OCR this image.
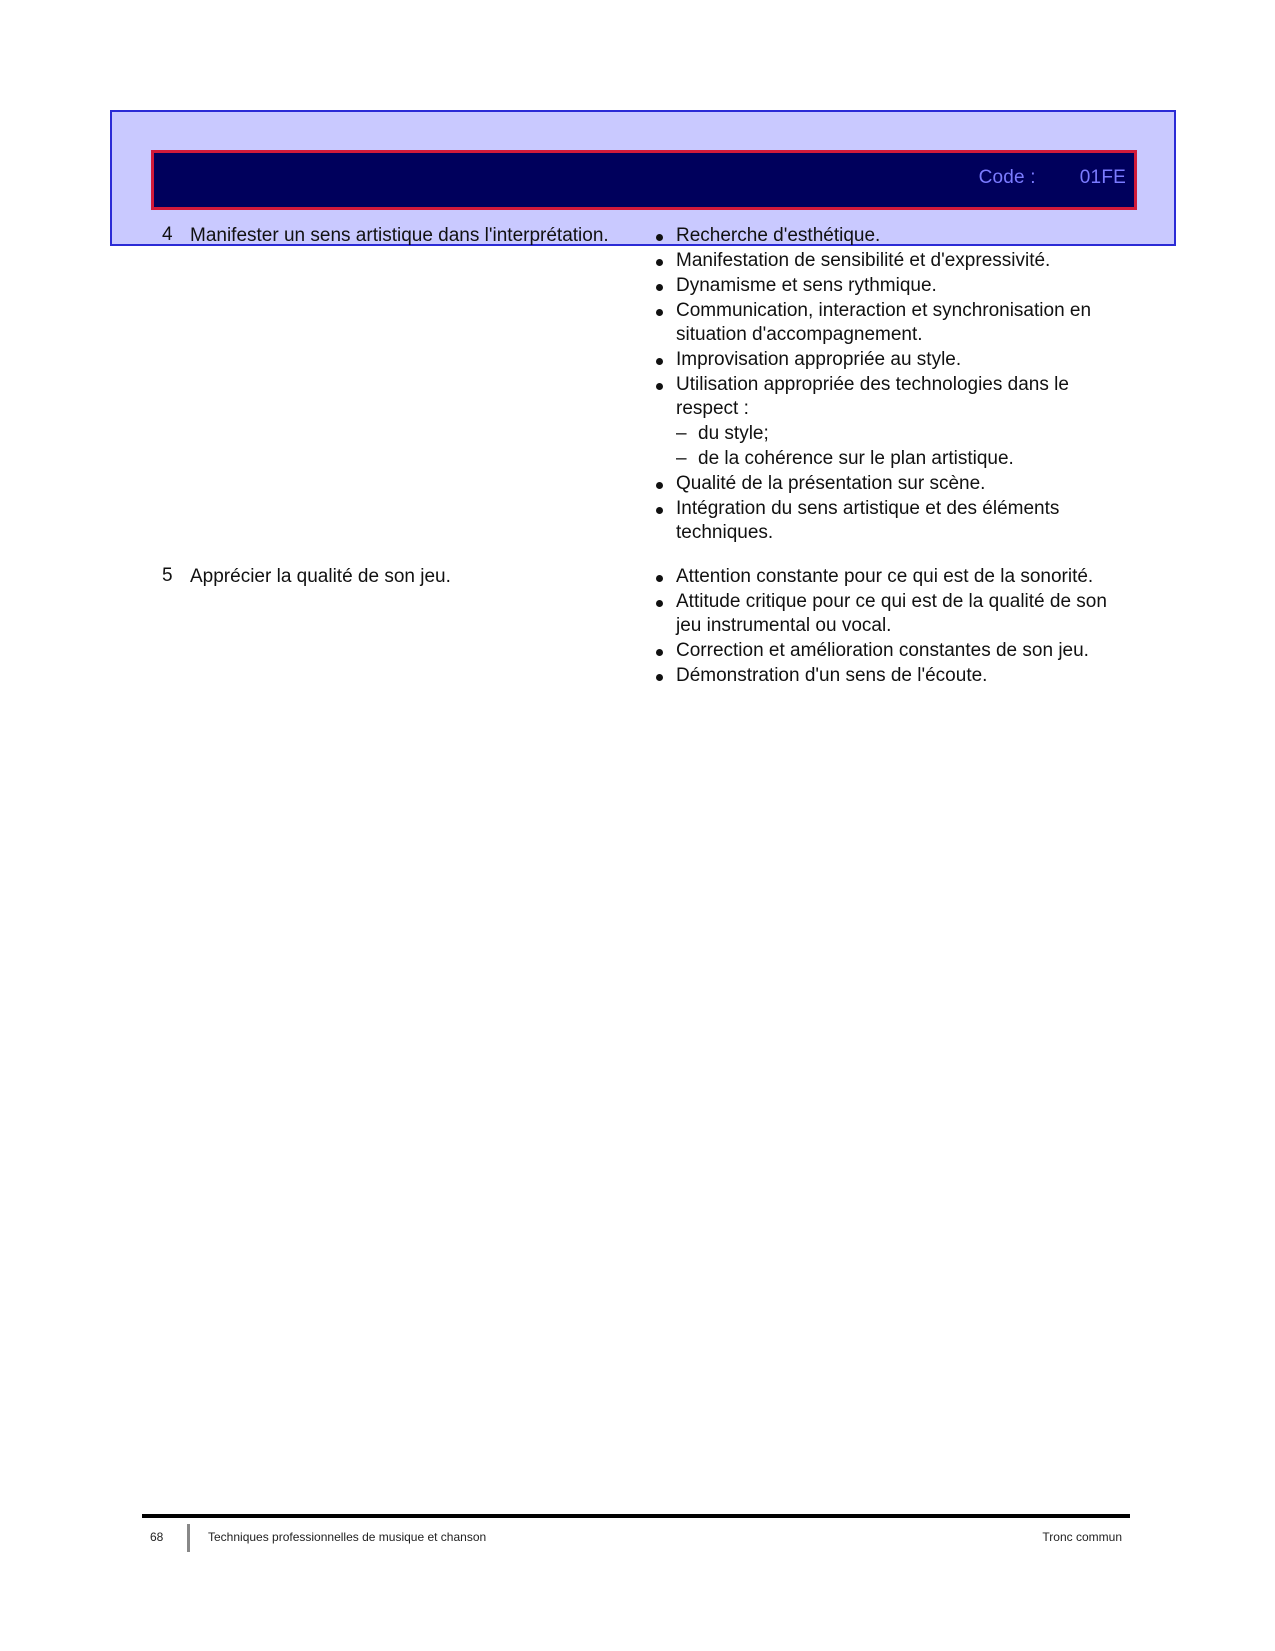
Code : 01FE
4 Manifester un sens artistique dans l'interprétation.	Recherche d'esthétique.
Manifestation de sensibilité et d'expressivité.
Dynamisme et sens rythmique.
Communication, interaction et synchronisation en situation d'accompagnement.
Improvisation appropriée au style.
Utilisation appropriée des technologies dans le respect :
– du style;
– de la cohérence sur le plan artistique.
Qualité de la présentation sur scène.
Intégration du sens artistique et des éléments techniques.
5 Apprécier la qualité de son jeu.	Attention constante pour ce qui est de la sonorité.
Attitude critique pour ce qui est de la qualité de son jeu instrumental ou vocal.
Correction et amélioration constantes de son jeu.
Démonstration d'un sens de l'écoute.
68	Techniques professionnelles de musique et chanson	Tronc commun
